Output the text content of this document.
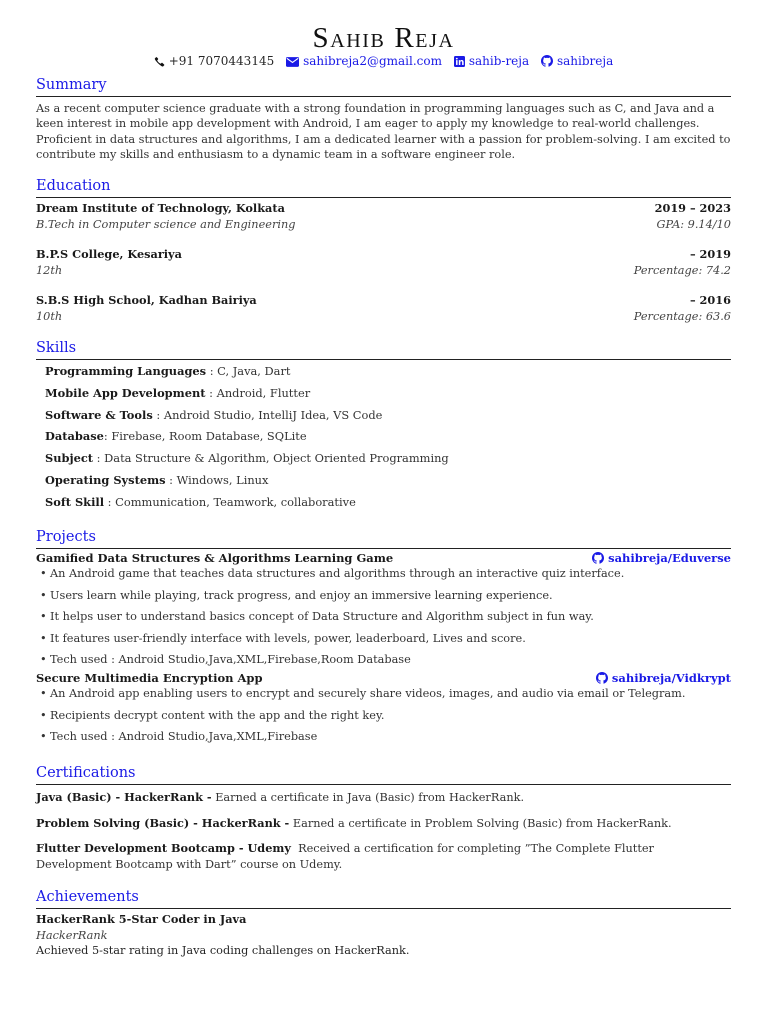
Sahib Reja
+91 7070443145 sahibreja2@gmail.com sahib-reja sahibreja
Summary
As a recent computer science graduate with a strong foundation in programming languages such as C, and Java and a keen interest in mobile app development with Android, I am eager to apply my knowledge to real-world challenges. Proficient in data structures and algorithms, I am a dedicated learner with a passion for problem-solving. I am excited to contribute my skills and enthusiasm to a dynamic team in a software engineer role.
Education
Dream Institute of Technology, Kolkata	2019 – 2023
B.Tech in Computer science and Engineering	GPA: 9.14/10
B.P.S College, Kesariya	– 2019
12th	Percentage: 74.2
S.B.S High School, Kadhan Bairiya	– 2016
10th	Percentage: 63.6
Skills
Programming Languages : C, Java, Dart
Mobile App Development : Android, Flutter
Software & Tools : Android Studio, IntelliJ Idea, VS Code
Database: Firebase, Room Database, SQLite
Subject : Data Structure & Algorithm, Object Oriented Programming
Operating Systems : Windows, Linux
Soft Skill : Communication, Teamwork, collaborative
Projects
Gamified Data Structures & Algorithms Learning Game	sahibreja/Eduverse
• An Android game that teaches data structures and algorithms through an interactive quiz interface.
• Users learn while playing, track progress, and enjoy an immersive learning experience.
• It helps user to understand basics concept of Data Structure and Algorithm subject in fun way.
• It features user-friendly interface with levels, power, leaderboard, Lives and score.
• Tech used : Android Studio,Java,XML,Firebase,Room Database
Secure Multimedia Encryption App	sahibreja/Vidkrypt
• An Android app enabling users to encrypt and securely share videos, images, and audio via email or Telegram.
• Recipients decrypt content with the app and the right key.
• Tech used : Android Studio,Java,XML,Firebase
Certifications
Java (Basic) - HackerRank - Earned a certificate in Java (Basic) from HackerRank.
Problem Solving (Basic) - HackerRank - Earned a certificate in Problem Solving (Basic) from HackerRank.
Flutter Development Bootcamp - Udemy Received a certification for completing ”The Complete Flutter Development Bootcamp with Dart” course on Udemy.
Achievements
HackerRank 5-Star Coder in Java
HackerRank
Achieved 5-star rating in Java coding challenges on HackerRank.
